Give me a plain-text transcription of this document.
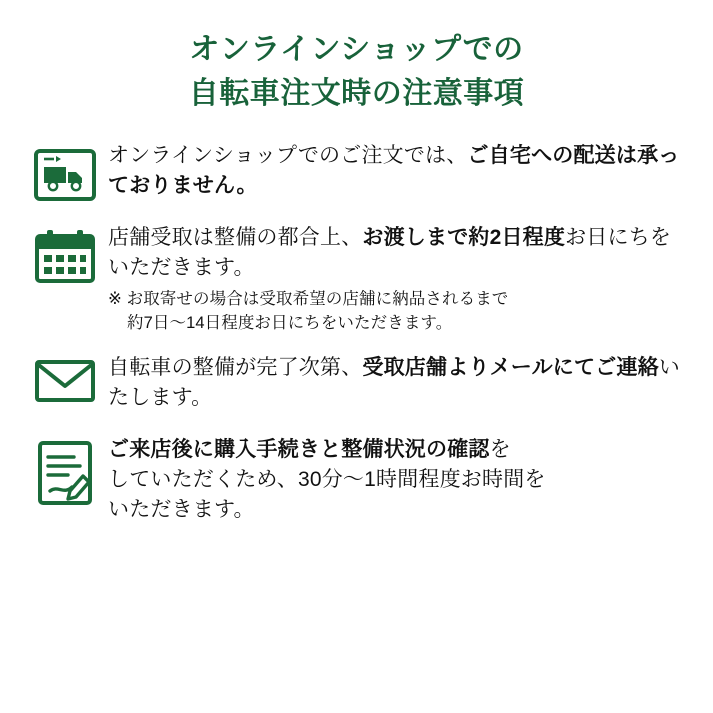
オンラインショップでの
自転車注文時の注意事項
オンラインショップでのご注文では、ご自宅への配送は承っておりません。
店舗受取は整備の都合上、お渡しまで約2日程度お日にちをいただきます。
※ お取寄せの場合は受取希望の店舗に納品されるまで
約7日〜14日程度お日にちをいただきます。
自転車の整備が完了次第、受取店舗よりメールにてご連絡いたします。
ご来店後に購入手続きと整備状況の確認を
していただくため、30分〜1時間程度お時間を
いただきます。
